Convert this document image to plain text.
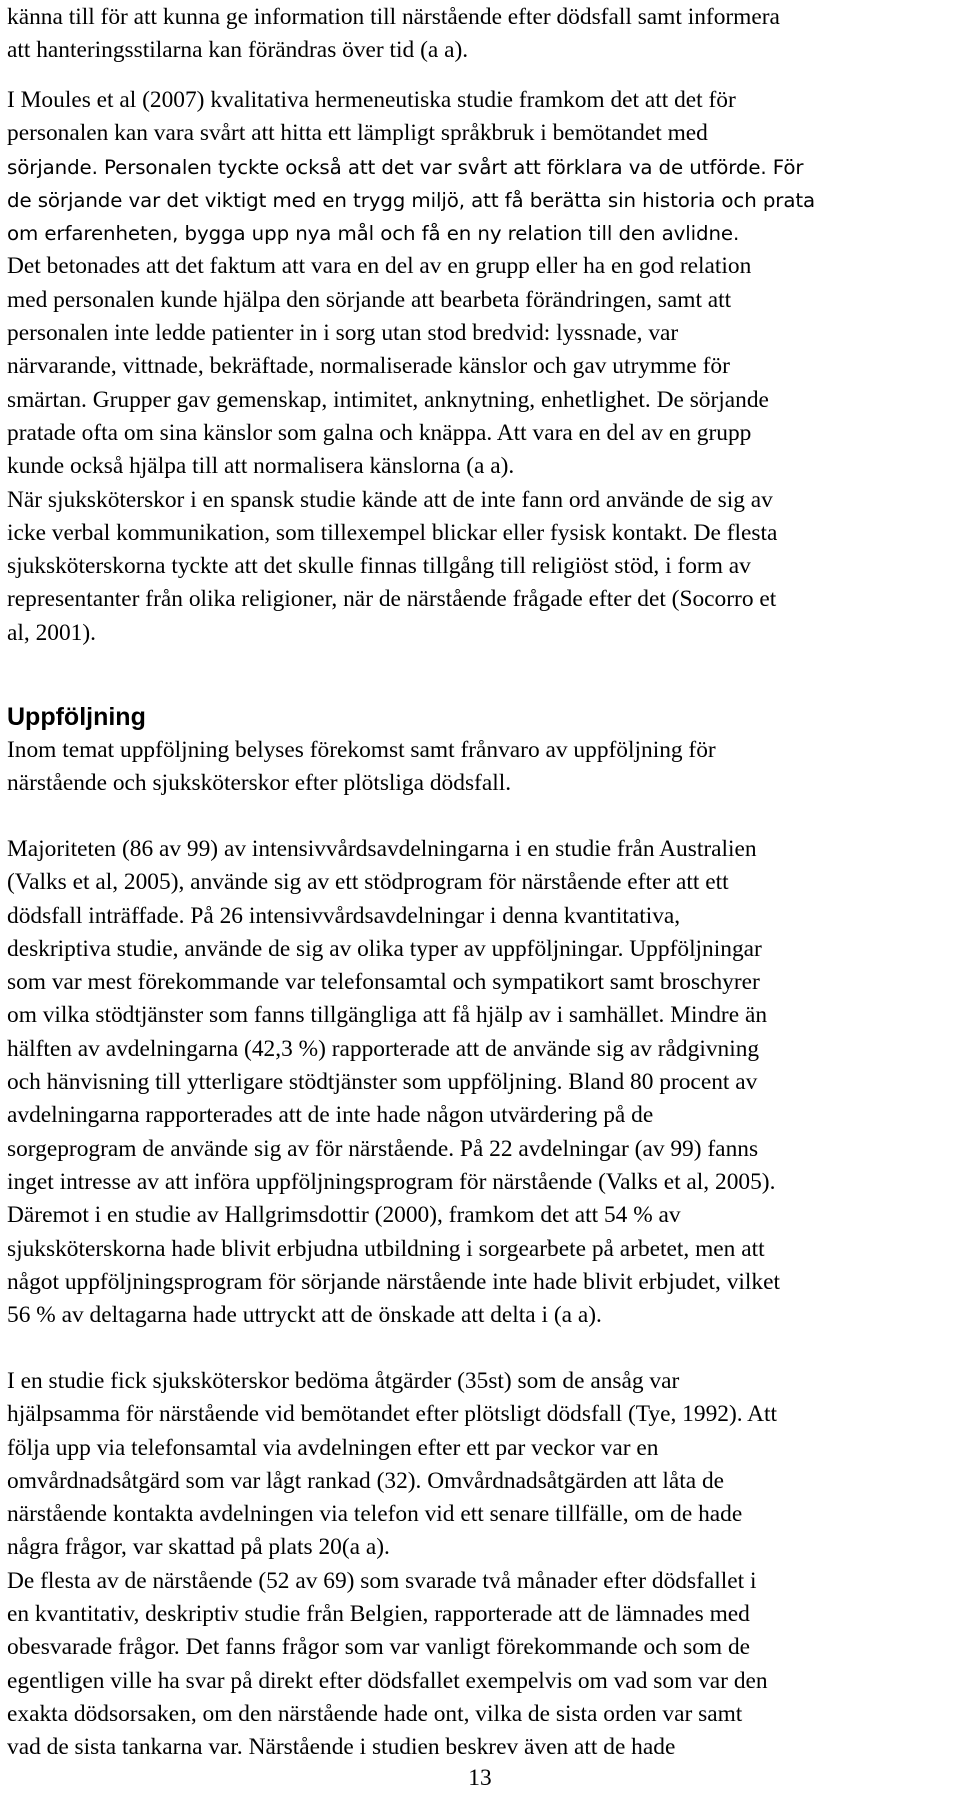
känna till för att kunna ge information till närstående efter dödsfall samt informera
att hanteringsstilarna kan förändras över tid (a a).

I Moules et al (2007) kvalitativa hermeneutiska studie framkom det att det för
personalen kan vara svårt att hitta ett lämpligt språkbruk i bemötandet med
sörjande. Personalen tyckte också att det var svårt att förklara va de utförde. För
de sörjande var det viktigt med en trygg miljö, att få berätta sin historia och prata
om erfarenheten, bygga upp nya mål och få en ny relation till den avlidne.
Det betonades att det faktum att vara en del av en grupp eller ha en god relation
med personalen kunde hjälpa den sörjande att bearbeta förändringen, samt att
personalen inte ledde patienter in i sorg utan stod bredvid: lyssnade, var
närvarande, vittnade, bekräftade, normaliserade känslor och gav utrymme för
smärtan. Grupper gav gemenskap, intimitet, anknytning, enhetlighet. De sörjande
pratade ofta om sina känslor som galna och knäppa. Att vara en del av en grupp
kunde också hjälpa till att normalisera känslorna (a a).
När sjuksköterskor i en spansk studie kände att de inte fann ord använde de sig av
icke verbal kommunikation, som tillexempel blickar eller fysisk kontakt. De flesta
sjuksköterskorna tyckte att det skulle finnas tillgång till religiöst stöd, i form av
representanter från olika religioner, när de närstående frågade efter det (Socorro et
al, 2001).

Uppföljning

Inom temat uppföljning belyses förekomst samt frånvaro av uppföljning för
närstående och sjuksköterskor efter plötsliga dödsfall.

Majoriteten (86 av 99) av intensivvårdsavdelningarna i en studie från Australien
(Valks et al, 2005), använde sig av ett stödprogram för närstående efter att ett
dödsfall inträffade. På 26 intensivvårdsavdelningar i denna kvantitativa,
deskriptiva studie, använde de sig av olika typer av uppföljningar. Uppföljningar
som var mest förekommande var telefonsamtal och sympatikort samt broschyrer
om vilka stödtjänster som fanns tillgängliga att få hjälp av i samhället. Mindre än
hälften av avdelningarna (42,3 %) rapporterade att de använde sig av rådgivning
och hänvisning till ytterligare stödtjänster som uppföljning. Bland 80 procent av
avdelningarna rapporterades att de inte hade någon utvärdering på de
sorgeprogram de använde sig av för närstående. På 22 avdelningar (av 99) fanns
inget intresse av att införa uppföljningsprogram för närstående (Valks et al, 2005).
Däremot i en studie av Hallgrimsdottir (2000), framkom det att 54 % av
sjuksköterskorna hade blivit erbjudna utbildning i sorgearbete på arbetet, men att
något uppföljningsprogram för sörjande närstående inte hade blivit erbjudet, vilket
56 % av deltagarna hade uttryckt att de önskade att delta i (a a).

I en studie fick sjuksköterskor bedöma åtgärder (35st) som de ansåg var
hjälpsamma för närstående vid bemötandet efter plötsligt dödsfall (Tye, 1992). Att
följa upp via telefonsamtal via avdelningen efter ett par veckor var en
omvårdnadsåtgärd som var lågt rankad (32). Omvårdnadsåtgärden att låta de
närstående kontakta avdelningen via telefon vid ett senare tillfälle, om de hade
några frågor, var skattad på plats 20(a a).
De flesta av de närstående (52 av 69) som svarade två månader efter dödsfallet i
en kvantitativ, deskriptiv studie från Belgien, rapporterade att de lämnades med
obesvarade frågor. Det fanns frågor som var vanligt förekommande och som de
egentligen ville ha svar på direkt efter dödsfallet exempelvis om vad som var den
exakta dödsorsaken, om den närstående hade ont, vilka de sista orden var samt
vad de sista tankarna var. Närstående i studien beskrev även att de hade

13
